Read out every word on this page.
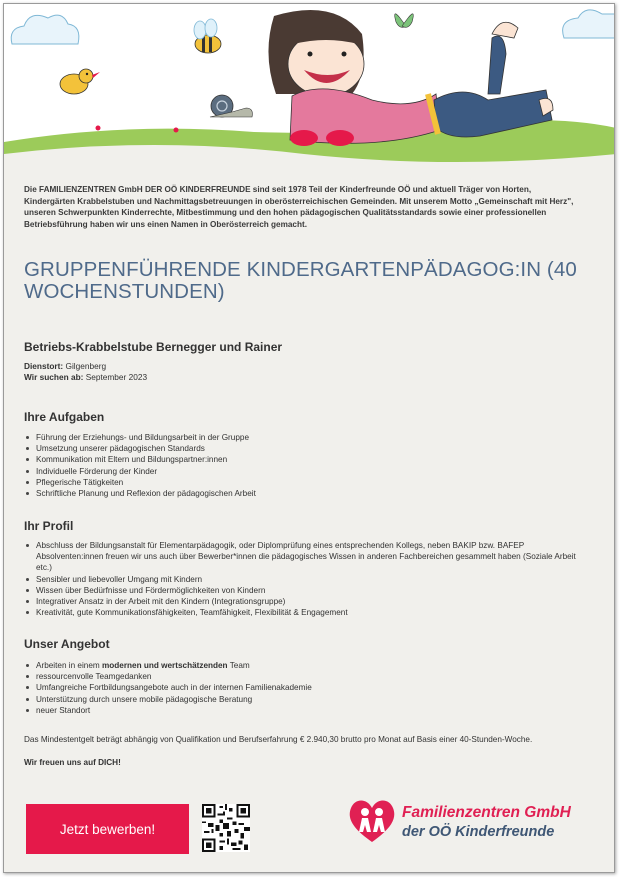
Die FAMILIENZENTREN GmbH DER OÖ KINDERFREUNDE sind seit 1978 Teil der Kinderfreunde OÖ und aktuell Träger von Horten, Kindergärten Krabbelstuben und Nachmittagsbetreuungen in oberösterreichischen Gemeinden. Mit unserem Motto „Gemeinschaft mit Herz", unseren Schwerpunkten Kinderrechte, Mitbestimmung und den hohen pädagogischen Qualitätsstandards sowie einer professionellen Betriebsführung haben wir uns einen Namen in Oberösterreich gemacht.
GRUPPENFÜHRENDE KINDERGARTENPÄDAGOG:IN (40 WOCHENSTUNDEN)
Betriebs-Krabbelstube Bernegger und Rainer
Dienstort: Gilgenberg
Wir suchen ab: September 2023
Ihre Aufgaben
Führung der Erziehungs- und Bildungsarbeit in der Gruppe
Umsetzung unserer pädagogischen Standards
Kommunikation mit Eltern und Bildungspartner:innen
Individuelle Förderung der Kinder
Pflegerische Tätigkeiten
Schriftliche Planung und Reflexion der pädagogischen Arbeit
Ihr Profil
Abschluss der Bildungsanstalt für Elementarpädagogik, oder Diplomprüfung eines entsprechenden Kollegs, neben BAKIP bzw. BAFEP Absolventen:innen freuen wir uns auch über Bewerber*innen die pädagogisches Wissen in anderen Fachbereichen gesammelt haben (Soziale Arbeit etc.)
Sensibler und liebevoller Umgang mit Kindern
Wissen über Bedürfnisse und Fördermöglichkeiten von Kindern
Integrativer Ansatz in der Arbeit mit den Kindern (Integrationsgruppe)
Kreativität, gute Kommunikationsfähigkeiten, Teamfähigkeit, Flexibilität & Engagement
Unser Angebot
Arbeiten in einem modernen und wertschätzenden Team
ressourcenvolle Teamgedanken
Umfangreiche Fortbildungsangebote auch in der internen Familienakademie
Unterstützung durch unsere mobile pädagogische Beratung
neuer Standort
Das Mindestentgelt beträgt abhängig von Qualifikation und Berufserfahrung € 2.940,30 brutto pro Monat auf Basis einer 40-Stunden-Woche.
Wir freuen uns auf DICH!
Jetzt bewerben!
Familienzentren GmbH
der OÖ Kinderfreunde
